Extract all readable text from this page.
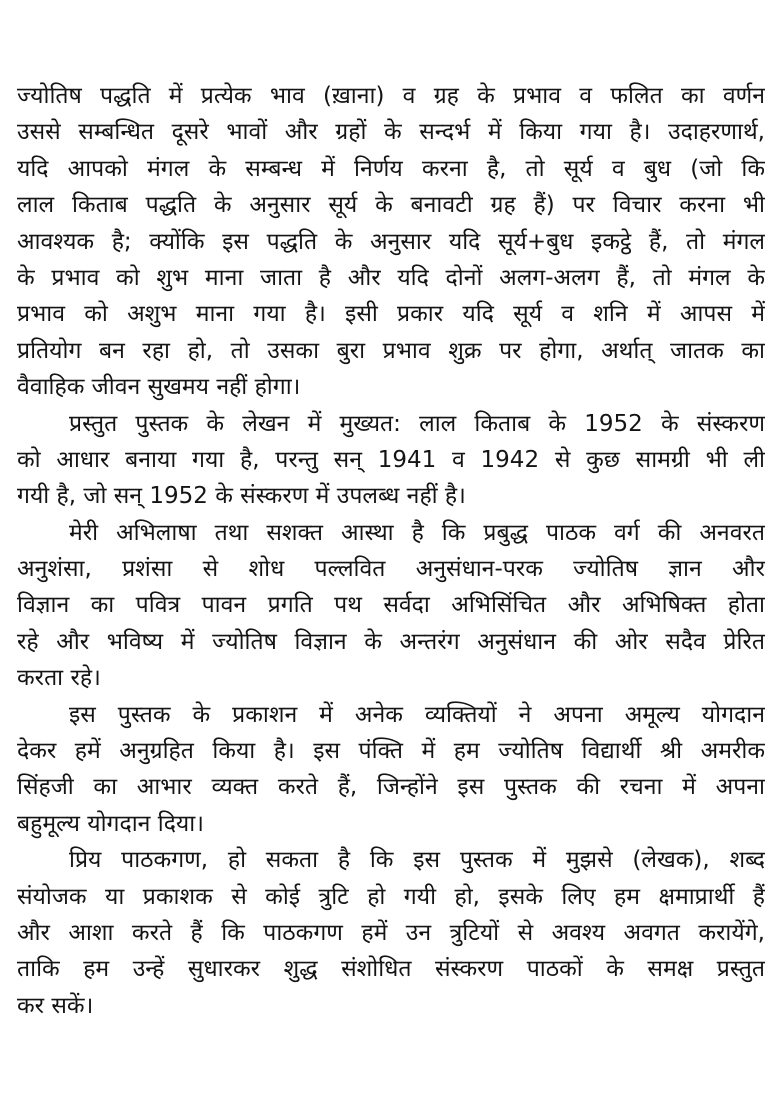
ज्योतिष पद्धति में प्रत्येक भाव (ख़ाना) व ग्रह के प्रभाव व फलित का वर्णन
उससे सम्बन्धित दूसरे भावों और ग्रहों के सन्दर्भ में किया गया है। उदाहरणार्थ,
यदि आपको मंगल के सम्बन्ध में निर्णय करना है, तो सूर्य व बुध (जो कि
लाल किताब पद्धति के अनुसार सूर्य के बनावटी ग्रह हैं) पर विचार करना भी
आवश्यक है; क्योंकि इस पद्धति के अनुसार यदि सूर्य+बुध इकट्ठे हैं, तो मंगल
के प्रभाव को शुभ माना जाता है और यदि दोनों अलग-अलग हैं, तो मंगल के
प्रभाव को अशुभ माना गया है। इसी प्रकार यदि सूर्य व शनि में आपस में
प्रतियोग बन रहा हो, तो उसका बुरा प्रभाव शुक्र पर होगा, अर्थात् जातक का
वैवाहिक जीवन सुखमय नहीं होगा।
प्रस्तुत पुस्तक के लेखन में मुख्यत: लाल किताब के 1952 के संस्करण
को आधार बनाया गया है, परन्तु सन् 1941 व 1942 से कुछ सामग्री भी ली
गयी है, जो सन् 1952 के संस्करण में उपलब्ध नहीं है।
मेरी अभिलाषा तथा सशक्त आस्था है कि प्रबुद्ध पाठक वर्ग की अनवरत
अनुशंसा, प्रशंसा से शोध पल्लवित अनुसंधान-परक ज्योतिष ज्ञान और
विज्ञान का पवित्र पावन प्रगति पथ सर्वदा अभिसिंचित और अभिषिक्त होता
रहे और भविष्य में ज्योतिष विज्ञान के अन्तरंग अनुसंधान की ओर सदैव प्रेरित
करता रहे।
इस पुस्तक के प्रकाशन में अनेक व्यक्तियों ने अपना अमूल्य योगदान
देकर हमें अनुग्रहित किया है। इस पंक्ति में हम ज्योतिष विद्यार्थी श्री अमरीक
सिंहजी का आभार व्यक्त करते हैं, जिन्होंने इस पुस्तक की रचना में अपना
बहुमूल्य योगदान दिया।
प्रिय पाठकगण, हो सकता है कि इस पुस्तक में मुझसे (लेखक), शब्द
संयोजक या प्रकाशक से कोई त्रुटि हो गयी हो, इसके लिए हम क्षमाप्रार्थी हैं
और आशा करते हैं कि पाठकगण हमें उन त्रुटियों से अवश्य अवगत करायेंगे,
ताकि हम उन्हें सुधारकर शुद्ध संशोधित संस्करण पाठकों के समक्ष प्रस्तुत
कर सकें।
